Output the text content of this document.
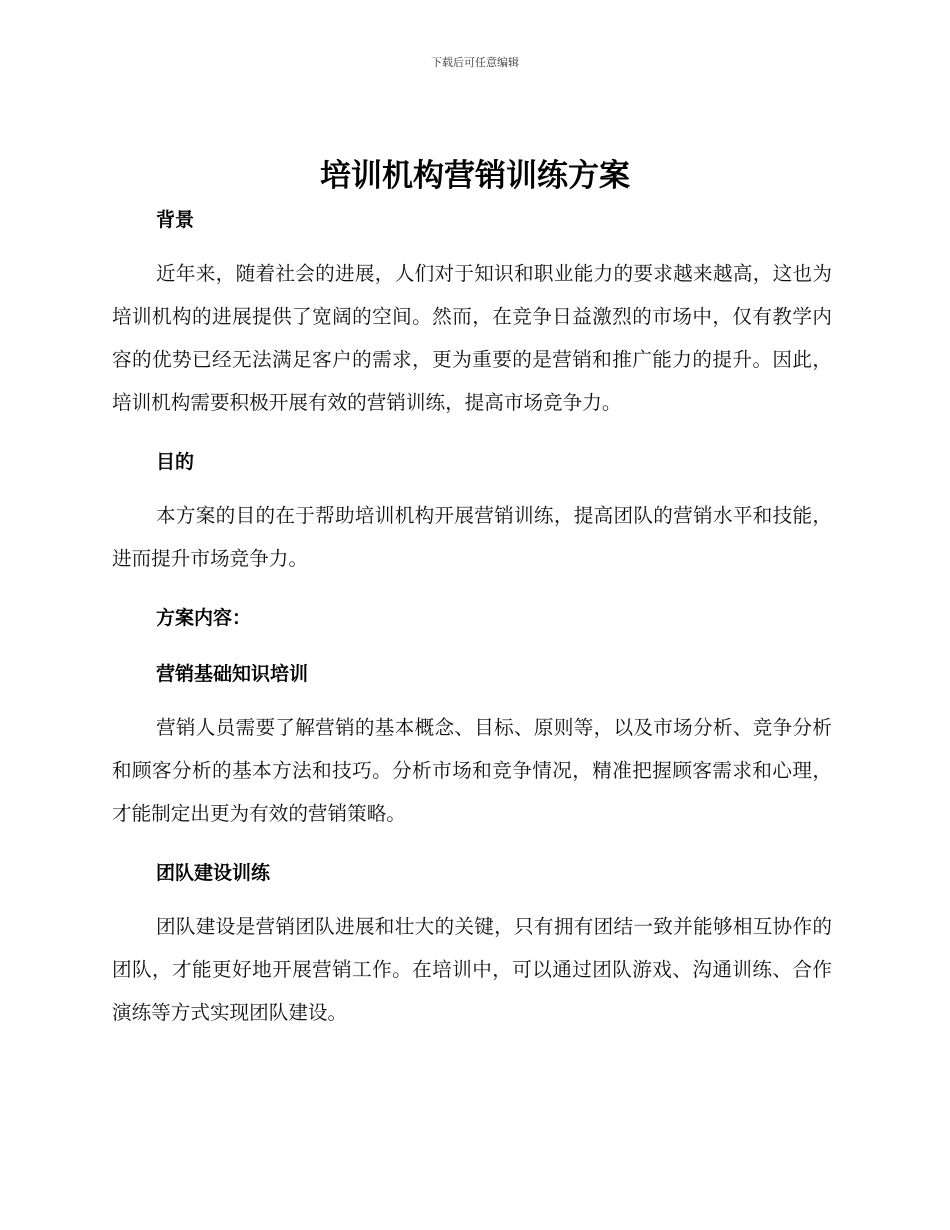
下载后可任意编辑
培训机构营销训练方案
背景

近年来，随着社会的进展，人们对于知识和职业能力的要求越来越高，这也为培训机构的进展提供了宽阔的空间。然而，在竞争日益激烈的市场中，仅有教学内容的优势已经无法满足客户的需求，更为重要的是营销和推广能力的提升。因此，培训机构需要积极开展有效的营销训练，提高市场竞争力。

目的

本方案的目的在于帮助培训机构开展营销训练，提高团队的营销水平和技能，进而提升市场竞争力。

方案内容：
营销基础知识培训

营销人员需要了解营销的基本概念、目标、原则等，以及市场分析、竞争分析和顾客分析的基本方法和技巧。分析市场和竞争情况，精准把握顾客需求和心理，才能制定出更为有效的营销策略。

团队建设训练

团队建设是营销团队进展和壮大的关键，只有拥有团结一致并能够相互协作的团队，才能更好地开展营销工作。在培训中，可以通过团队游戏、沟通训练、合作演练等方式实现团队建设。
